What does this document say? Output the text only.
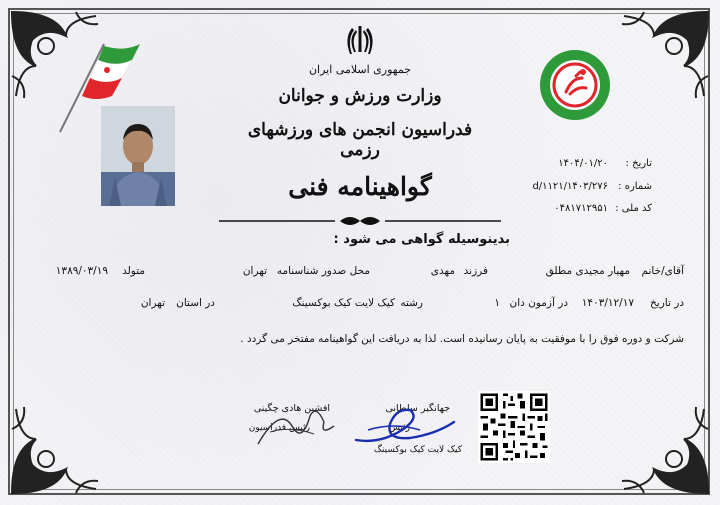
جمهوری اسلامی ایران
وزارت ورزش و جوانان
فدراسیون انجمن های ورزشهای رزمی
تاریخ :
۱۴۰۴/۰۱/۲۰
شماره :
۱۴۰۳/۲۷۶/d/۱۱۲۱
کد ملی :
۰۴۸۱۷۱۲۹۵۱
گواهینامه فنی
بدینوسیله گواهی می شود :
آقای/خانم
مهیار مجیدی مطلق
فرزند
مهدی
محل صدور شناسنامه
تهران
متولد
۱۳۸۹/۰۳/۱۹
در تاریخ
۱۴۰۳/۱۲/۱۷
در آزمون دان
۱
رشته
کیک لایت کیک بوکسینگ
در استان
تهران
شرکت و دوره فوق را با موفقیت به پایان رسانیده است. لذا به دریافت این گواهینامه مفتخر می گردد .
افشین هادی چگینی
رئیس فدراسیون
جهانگیر سلطانی
رئیس
کیک لایت کیک بوکسینگ
